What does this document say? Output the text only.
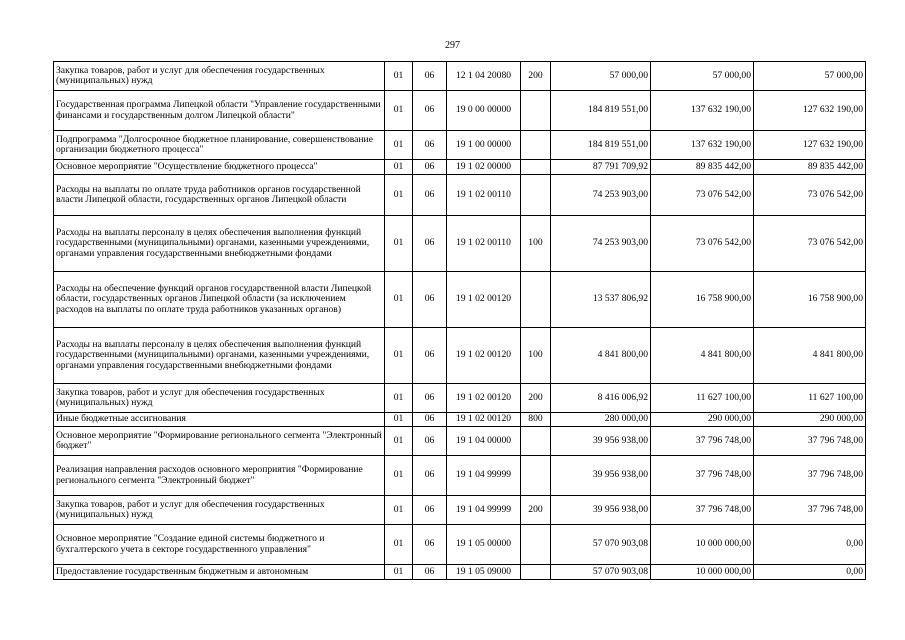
297
Закупка товаров, работ и услуг для обеспечения государственных (муниципальных) нужд	01	06	12 1 04 20080	200	57 000,00	57 000,00	57 000,00
Государственная программа Липецкой области "Управление государственными финансами и государственным долгом Липецкой области"	01	06	19 0 00 00000		184 819 551,00	137 632 190,00	127 632 190,00
Подпрограмма "Долгосрочное бюджетное планирование, совершенствование организации бюджетного процесса"	01	06	19 1 00 00000		184 819 551,00	137 632 190,00	127 632 190,00
Основное мероприятие "Осуществление бюджетного процесса"	01	06	19 1 02 00000		87 791 709,92	89 835 442,00	89 835 442,00
Расходы на выплаты по оплате труда работников органов государственной власти Липецкой области, государственных органов Липецкой области	01	06	19 1 02 00110		74 253 903,00	73 076 542,00	73 076 542,00
Расходы на выплаты персоналу в целях обеспечения выполнения функций государственными (муниципальными) органами, казенными учреждениями, органами управления государственными внебюджетными фондами	01	06	19 1 02 00110	100	74 253 903,00	73 076 542,00	73 076 542,00
Расходы на обеспечение функций органов государственной власти Липецкой области, государственных органов Липецкой области (за исключением расходов на выплаты по оплате труда работников указанных органов)	01	06	19 1 02 00120		13 537 806,92	16 758 900,00	16 758 900,00
Расходы на выплаты персоналу в целях обеспечения выполнения функций государственными (муниципальными) органами, казенными учреждениями, органами управления государственными внебюджетными фондами	01	06	19 1 02 00120	100	4 841 800,00	4 841 800,00	4 841 800,00
Закупка товаров, работ и услуг для обеспечения государственных (муниципальных) нужд	01	06	19 1 02 00120	200	8 416 006,92	11 627 100,00	11 627 100,00
Иные бюджетные ассигнования	01	06	19 1 02 00120	800	280 000,00	290 000,00	290 000,00
Основное мероприятие "Формирование регионального сегмента "Электронный бюджет"	01	06	19 1 04 00000		39 956 938,00	37 796 748,00	37 796 748,00
Реализация направления расходов основного мероприятия "Формирование регионального сегмента "Электронный бюджет"	01	06	19 1 04 99999		39 956 938,00	37 796 748,00	37 796 748,00
Закупка товаров, работ и услуг для обеспечения государственных (муниципальных) нужд	01	06	19 1 04 99999	200	39 956 938,00	37 796 748,00	37 796 748,00
Основное мероприятие "Создание единой системы бюджетного и бухгалтерского учета в секторе государственного управления"	01	06	19 1 05 00000		57 070 903,08	10 000 000,00	0,00
Предоставление государственным бюджетным и автономным	01	06	19 1 05 09000		57 070 903,08	10 000 000,00	0,00
